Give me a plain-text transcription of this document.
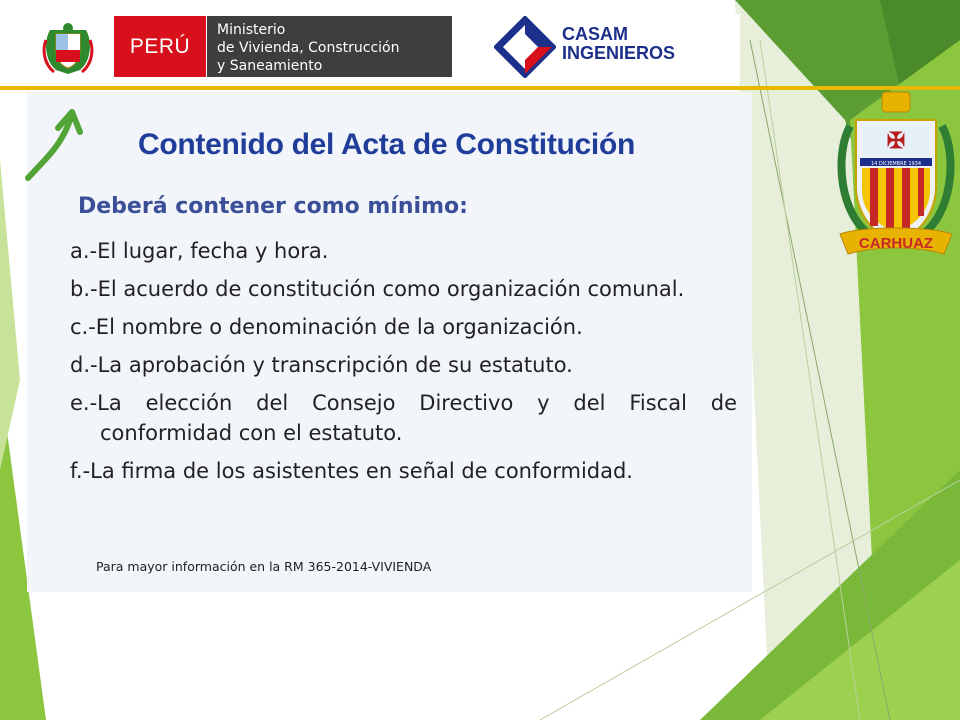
PERÚ
Ministerio
de Vivienda, Construcción
y Saneamiento
CASAM
INGENIEROS
✠
14 DICIEMBRE 1934
CARHUAZ
Contenido del Acta de Constitución
Deberá contener como mínimo:
a.-El lugar, fecha y hora.
b.-El acuerdo de constitución como organización comunal.
c.-El nombre o denominación de la organización.
d.-La aprobación y transcripción de su estatuto.
e.-La elección del Consejo Directivo y del Fiscal de conformidad con el estatuto.
f.-La firma de los asistentes en señal de conformidad.
Para mayor información en la RM 365-2014-VIVIENDA
